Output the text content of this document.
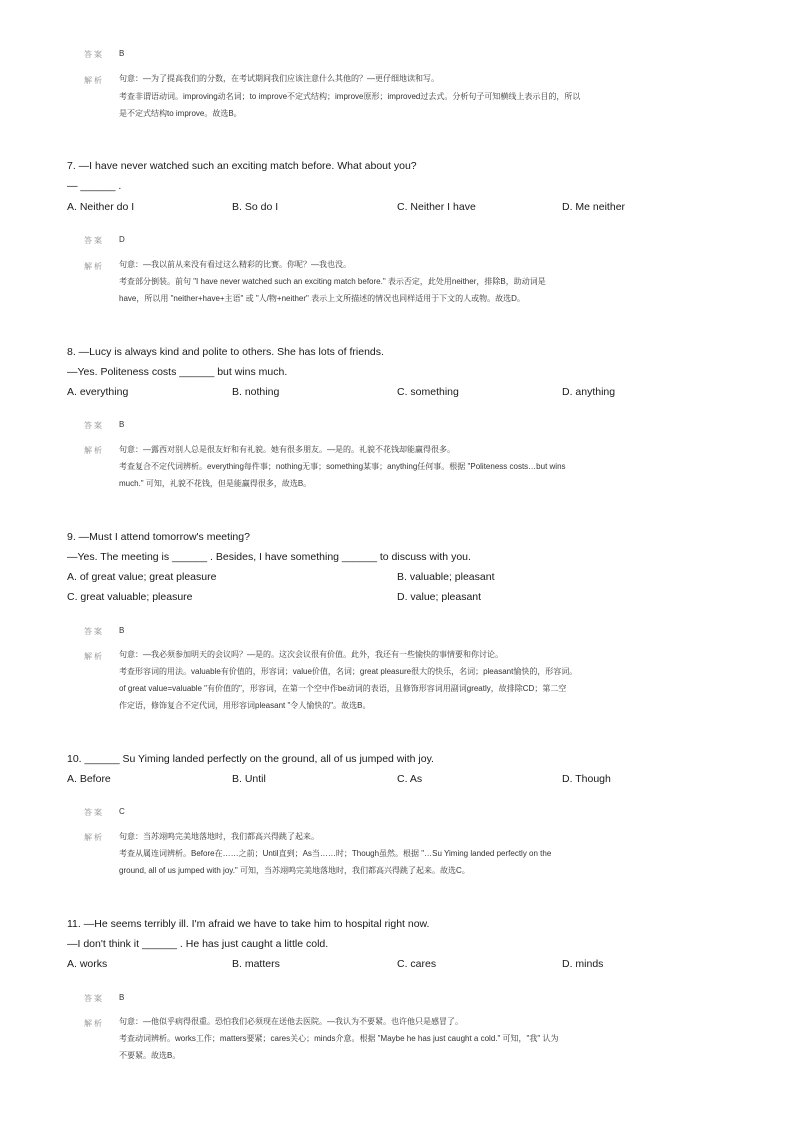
答案 B
解析 句意：—为了提高我们的分数，在考试期间我们应该注意什么其他的？—更仔细地读和写。
考查非谓语动词。improving动名词；to improve不定式结构；improve原形；improved过去式。分析句子可知横线上表示目的，所以
是不定式结构to improve。故选B。
7. —I have never watched such an exciting match before. What about you?
— ______ .
A. Neither do I	B. So do I	C. Neither I have	D. Me neither
答案 D
解析 句意：—我以前从来没有看过这么精彩的比赛。你呢？—我也没。
考查部分倒装。前句 "I have never watched such an exciting match before." 表示否定，此处用neither，排除B，助动词是
have，所以用 "neither+have+主语" 或 "人/物+neither" 表示上文所描述的情况也同样适用于下文的人或物。故选D。
8. —Lucy is always kind and polite to others. She has lots of friends.
—Yes. Politeness costs ______ but wins much.
A. everything	B. nothing	C. something	D. anything
答案 B
解析 句意：—露西对别人总是很友好和有礼貌。她有很多朋友。—是的。礼貌不花钱却能赢得很多。
考查复合不定代词辨析。everything每件事；nothing无事；something某事；anything任何事。根据 "Politeness costs…but wins
much." 可知，礼貌不花钱，但是能赢得很多，故选B。
9. —Must I attend tomorrow's meeting?
—Yes. The meeting is ______ . Besides, I have something ______ to discuss with you.
A. of great value; great pleasure	B. valuable; pleasant
C. great valuable; pleasure	D. value; pleasant
答案 B
解析 句意：—我必须参加明天的会议吗？—是的。这次会议很有价值。此外，我还有一些愉快的事情要和你讨论。
考查形容词的用法。valuable有价值的，形容词；value价值，名词；great pleasure很大的快乐，名词；pleasant愉快的，形容词。
of great value=valuable "有价值的"，形容词，在第一个空中作be动词的表语，且修饰形容词用副词greatly，故排除CD；第二空
作定语，修饰复合不定代词，用形容词pleasant "令人愉快的"。故选B。
10. ______ Su Yiming landed perfectly on the ground, all of us jumped with joy.
A. Before	B. Until	C. As	D. Though
答案 C
解析 句意：当苏翊鸣完美地落地时，我们都高兴得跳了起来。
考查从属连词辨析。Before在……之前；Until直到；As当……时；Though虽然。根据 "…Su Yiming landed perfectly on the
ground, all of us jumped with joy." 可知，当苏翊鸣完美地落地时，我们都高兴得跳了起来。故选C。
11. —He seems terribly ill. I'm afraid we have to take him to hospital right now.
—I don't think it ______ . He has just caught a little cold.
A. works	B. matters	C. cares	D. minds
答案 B
解析 句意：—他似乎病得很重。恐怕我们必须现在送他去医院。—我认为不要紧。也许他只是感冒了。
考查动词辨析。works工作；matters要紧；cares关心；minds介意。根据 "Maybe he has just caught a cold." 可知，"我" 认为
不要紧。故选B。
